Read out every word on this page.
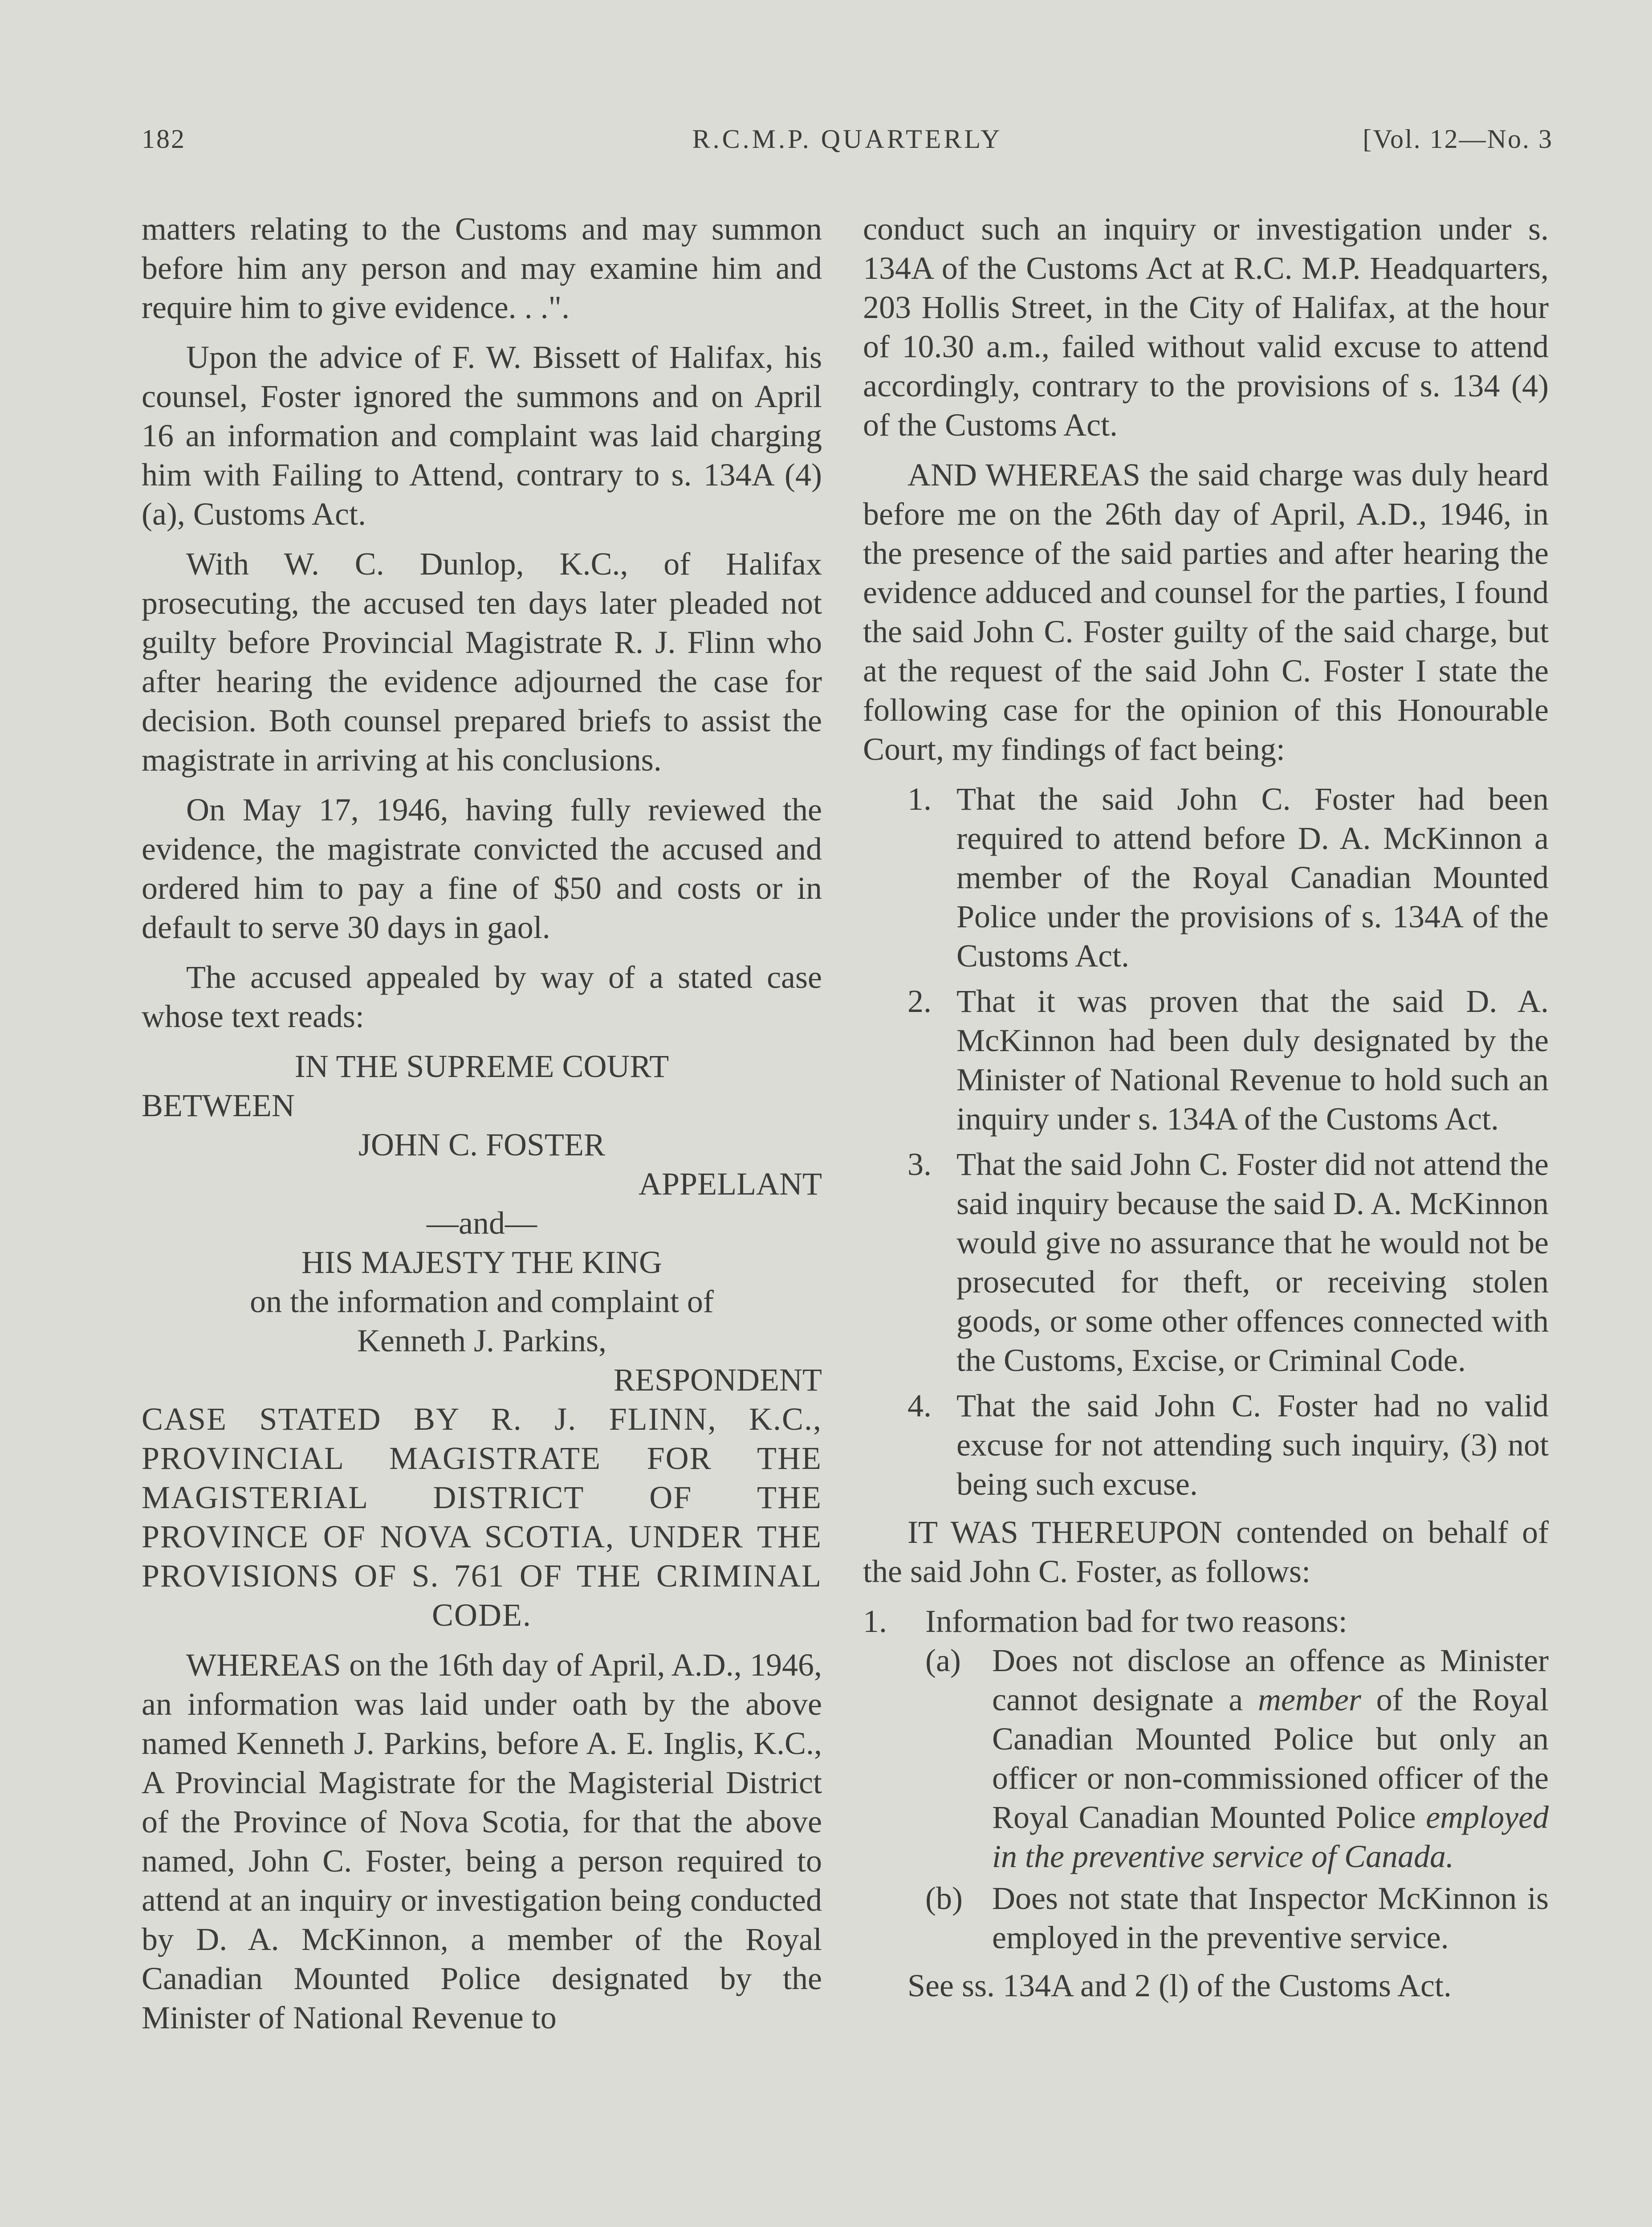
182	R.C.M.P. QUARTERLY	[Vol. 12—No. 3

matters relating to the Customs and may summon before him any person and may examine him and require him to give evidence. . .".

Upon the advice of F. W. Bissett of Halifax, his counsel, Foster ignored the summons and on April 16 an information and complaint was laid charging him with Failing to Attend, contrary to s. 134A (4) (a), Customs Act.

With W. C. Dunlop, K.C., of Halifax prosecuting, the accused ten days later pleaded not guilty before Provincial Magistrate R. J. Flinn who after hearing the evidence adjourned the case for decision. Both counsel prepared briefs to assist the magistrate in arriving at his conclusions.

On May 17, 1946, having fully reviewed the evidence, the magistrate convicted the accused and ordered him to pay a fine of $50 and costs or in default to serve 30 days in gaol.

The accused appealed by way of a stated case whose text reads:

IN THE SUPREME COURT
BETWEEN
JOHN C. FOSTER
APPELLANT
—and—
HIS MAJESTY THE KING
on the information and complaint of
Kenneth J. Parkins,
RESPONDENT
CASE STATED BY R. J. FLINN, K.C., PROVINCIAL MAGISTRATE FOR THE MAGISTERIAL DISTRICT OF THE PROVINCE OF NOVA SCOTIA, UNDER THE PROVISIONS OF S. 761 OF THE CRIMINAL CODE.

WHEREAS on the 16th day of April, A.D., 1946, an information was laid under oath by the above named Kenneth J. Parkins, before A. E. Inglis, K.C., A Provincial Magistrate for the Magisterial District of the Province of Nova Scotia, for that the above named, John C. Foster, being a person required to attend at an inquiry or investigation being conducted by D. A. McKinnon, a member of the Royal Canadian Mounted Police designated by the Minister of National Revenue to

conduct such an inquiry or investigation under s. 134A of the Customs Act at R.C. M.P. Headquarters, 203 Hollis Street, in the City of Halifax, at the hour of 10.30 a.m., failed without valid excuse to attend accordingly, contrary to the provisions of s. 134 (4) of the Customs Act.

AND WHEREAS the said charge was duly heard before me on the 26th day of April, A.D., 1946, in the presence of the said parties and after hearing the evidence adduced and counsel for the parties, I found the said John C. Foster guilty of the said charge, but at the request of the said John C. Foster I state the following case for the opinion of this Honourable Court, my findings of fact being:

1. That the said John C. Foster had been required to attend before D. A. McKinnon a member of the Royal Canadian Mounted Police under the provisions of s. 134A of the Customs Act.
2. That it was proven that the said D. A. McKinnon had been duly designated by the Minister of National Revenue to hold such an inquiry under s. 134A of the Customs Act.
3. That the said John C. Foster did not attend the said inquiry because the said D. A. McKinnon would give no assurance that he would not be prosecuted for theft, or receiving stolen goods, or some other offences connected with the Customs, Excise, or Criminal Code.
4. That the said John C. Foster had no valid excuse for not attending such inquiry, (3) not being such excuse.

IT WAS THEREUPON contended on behalf of the said John C. Foster, as follows:

1. Information bad for two reasons:
(a) Does not disclose an offence as Minister cannot designate a member of the Royal Canadian Mounted Police but only an officer or non-commissioned officer of the Royal Canadian Mounted Police employed in the preventive service of Canada.
(b) Does not state that Inspector McKinnon is employed in the preventive service.

See ss. 134A and 2 (l) of the Customs Act.
